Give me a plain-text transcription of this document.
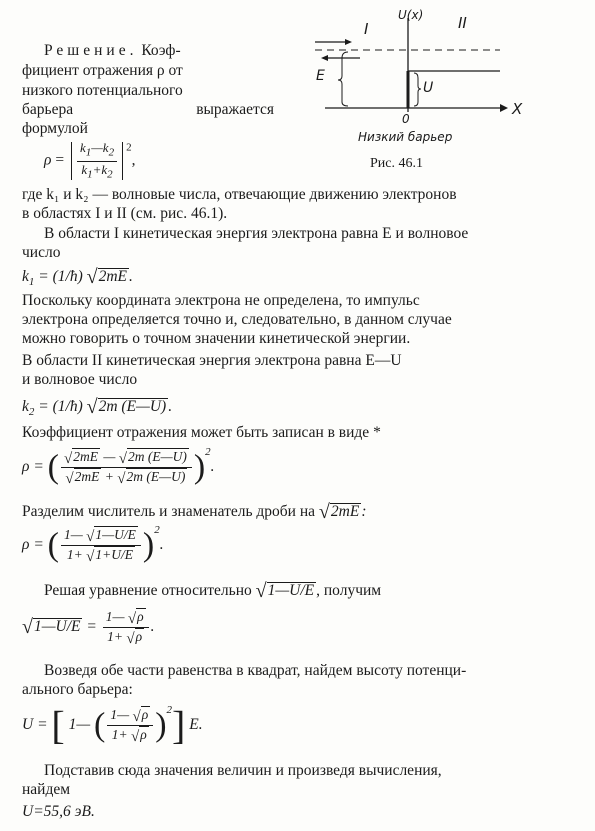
U(x)
I	II
E
U
0
X
Низкий барьер
Рис. 46.1
Решение. Коэф-
фициент отражения ρ от
низкого потенциального
барьера	выражается
формулой
$\rho = \frac{k_1—k_2}{k_1+k_2} ^2$,
где k₁ и k₂ — волновые числа, отвечающие движению электронов
в областях I и II (см. рис. 46.1).
В области I кинетическая энергия электрона равна E и волновое
число
$k_1$ = (1/ħ) √2mE .
Поскольку координата электрона не определена, то импульс
электрона определяется точно и, следовательно, в данном случае
можно говорить о точном значении кинетической энергии.
В области II кинетическая энергия электрона равна E—U
и волновое число
$k_2$ = (1/ħ) √2m (E—U) .
Коэффициент отражения может быть записан в виде *
ρ = ( $\frac{√2mE — √2m (E—U)}{√2mE + √2m (E—U)} )^2$.
Разделим числитель и знаменатель дроби на √2mE :
ρ = ( $\frac{1— √1—U/E}{1+ √1+U/E} )^2$.
Решая уравнение относительно √1—U/E , получим
√1—U/E = $\frac{1— √\rho}{1+ √\rho}$ .
Возведя обе части равенства в квадрат, найдем высоту потенци-
ального барьера:
U = [ 1— ( $\frac{1— √\rho}{1+ √\rho} )^2$] E.
Подставив сюда значения величин и произведя вычисления,
найдем
U=55,6 эВ.
